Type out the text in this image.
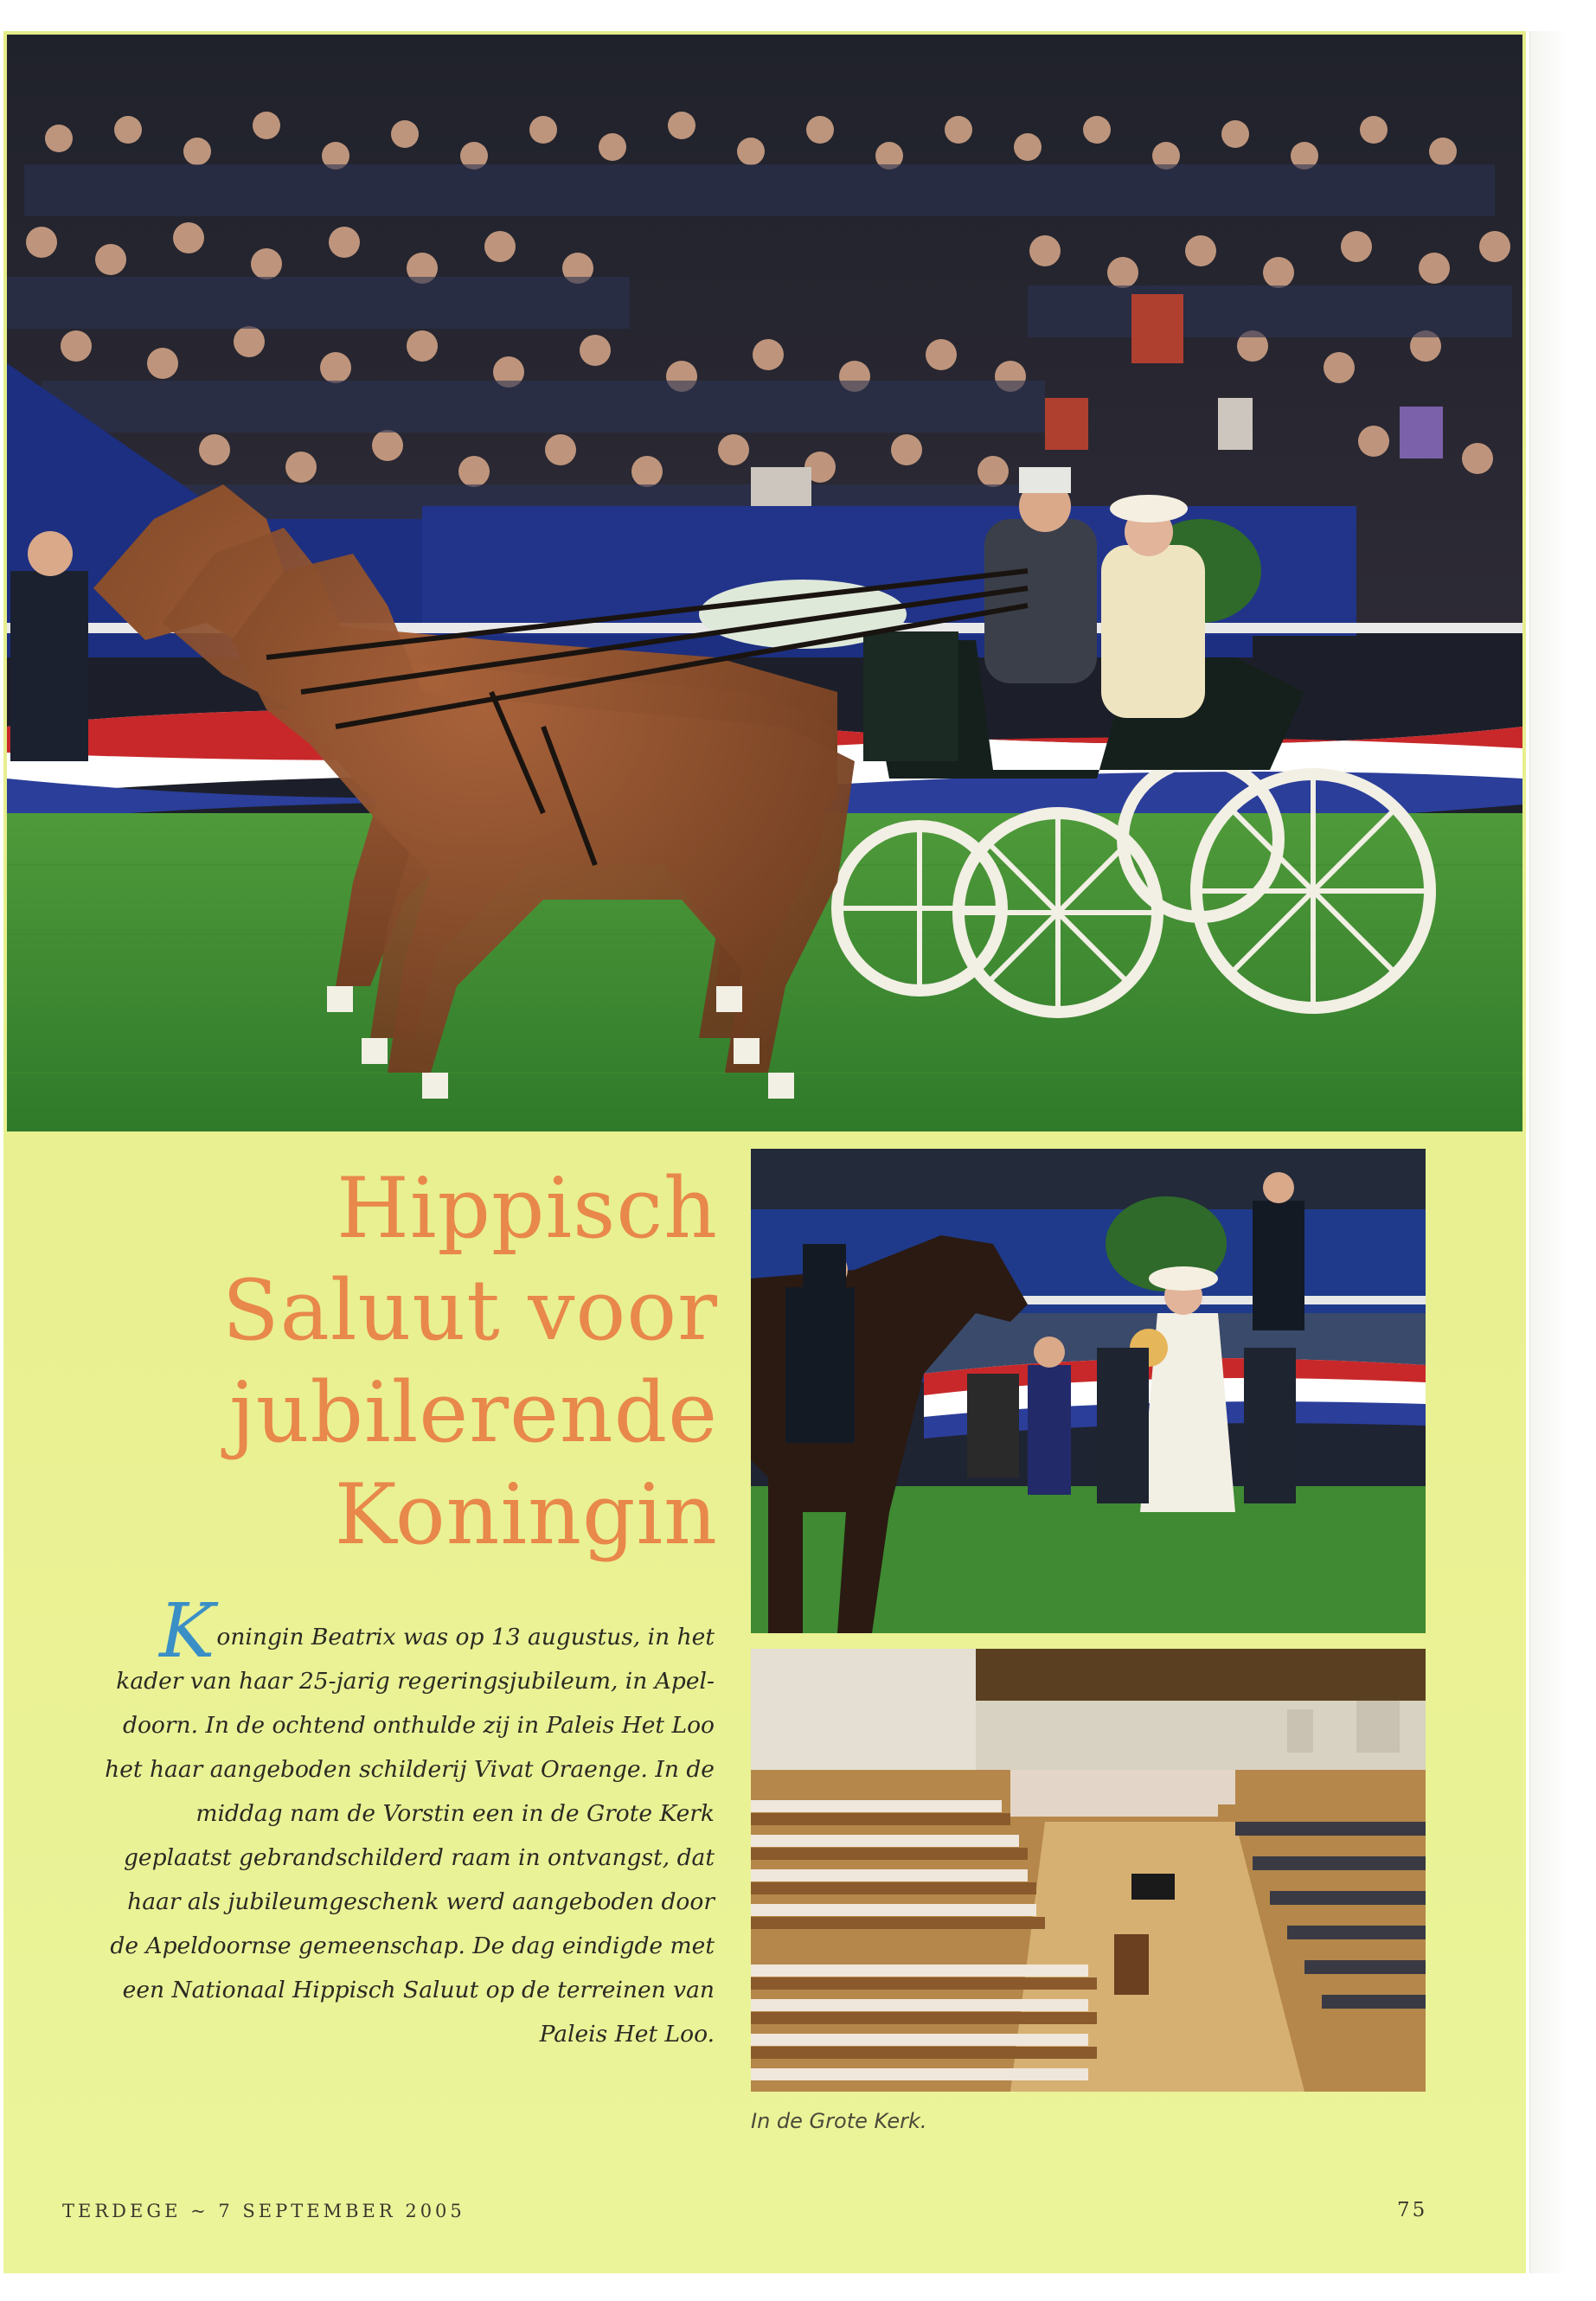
Hippisch
Saluut voor
jubilerende
Koningin
Koningin Beatrix was op 13 augustus, in het
kader van haar 25-jarig regeringsjubileum, in Apel-
doorn. In de ochtend onthulde zij in Paleis Het Loo
het haar aangeboden schilderij Vivat Oraenge. In de
middag nam de Vorstin een in de Grote Kerk
geplaatst gebrandschilderd raam in ontvangst, dat
haar als jubileumgeschenk werd aangeboden door
de Apeldoornse gemeenschap. De dag eindigde met
een Nationaal Hippisch Saluut op de terreinen van
Paleis Het Loo.
In de Grote Kerk.
TERDEGE ~ 7 SEPTEMBER 2005	75
